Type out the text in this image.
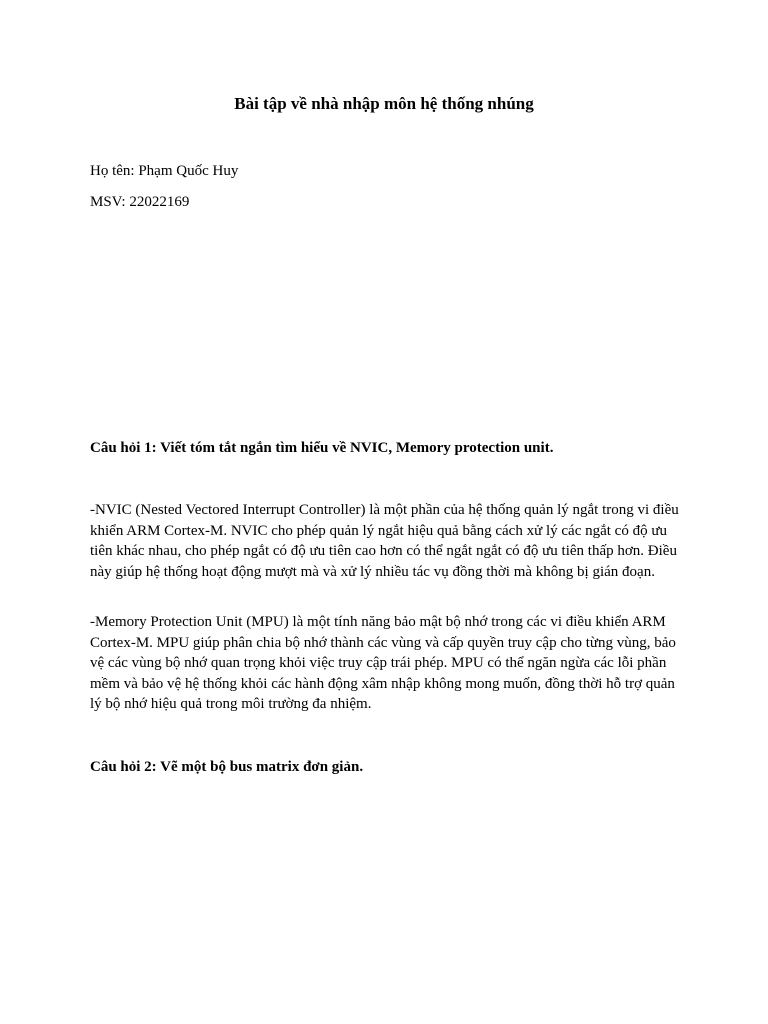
Bài tập về nhà nhập môn hệ thống nhúng

Họ tên: Phạm Quốc Huy

MSV: 22022169

Câu hỏi 1: Viết tóm tắt ngắn tìm hiểu về NVIC, Memory protection unit.

-NVIC (Nested Vectored Interrupt Controller) là một phần của hệ thống quản lý ngắt trong vi điều khiển ARM Cortex-M. NVIC cho phép quản lý ngắt hiệu quả bằng cách xử lý các ngắt có độ ưu tiên khác nhau, cho phép ngắt có độ ưu tiên cao hơn có thể ngắt ngắt có độ ưu tiên thấp hơn. Điều này giúp hệ thống hoạt động mượt mà và xử lý nhiều tác vụ đồng thời mà không bị gián đoạn.

-Memory Protection Unit (MPU) là một tính năng bảo mật bộ nhớ trong các vi điều khiển ARM Cortex-M. MPU giúp phân chia bộ nhớ thành các vùng và cấp quyền truy cập cho từng vùng, bảo vệ các vùng bộ nhớ quan trọng khỏi việc truy cập trái phép. MPU có thể ngăn ngừa các lỗi phần mềm và bảo vệ hệ thống khỏi các hành động xâm nhập không mong muốn, đồng thời hỗ trợ quản lý bộ nhớ hiệu quả trong môi trường đa nhiệm.

Câu hỏi 2: Vẽ một bộ bus matrix đơn giản.
